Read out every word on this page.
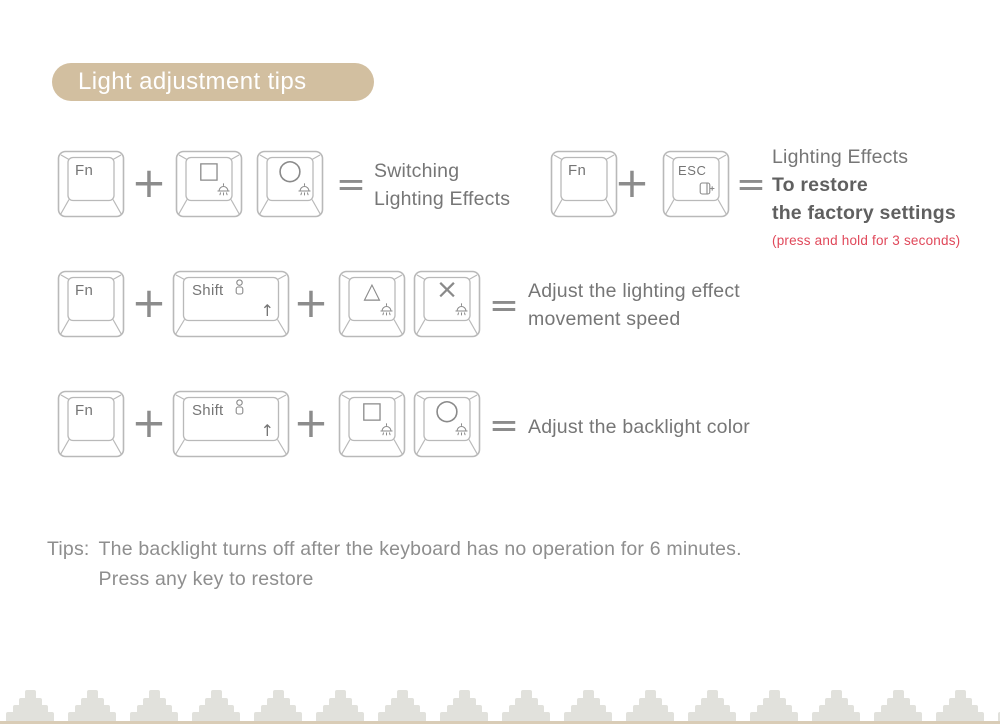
Light adjustment tips
Fn +	□	○ = Switching
Lighting Effects
Fn + ESC =
Lighting Effects
To restore
the factory settings
(press and hold for 3 seconds)
Fn + Shift
↑ +	△	× = Adjust the lighting effect
movement speed
Fn + Shift
↑ +	□	○ = Adjust the backlight color
Tips: The backlight turns off after the keyboard has no operation for 6 minutes.
Press any key to restore
